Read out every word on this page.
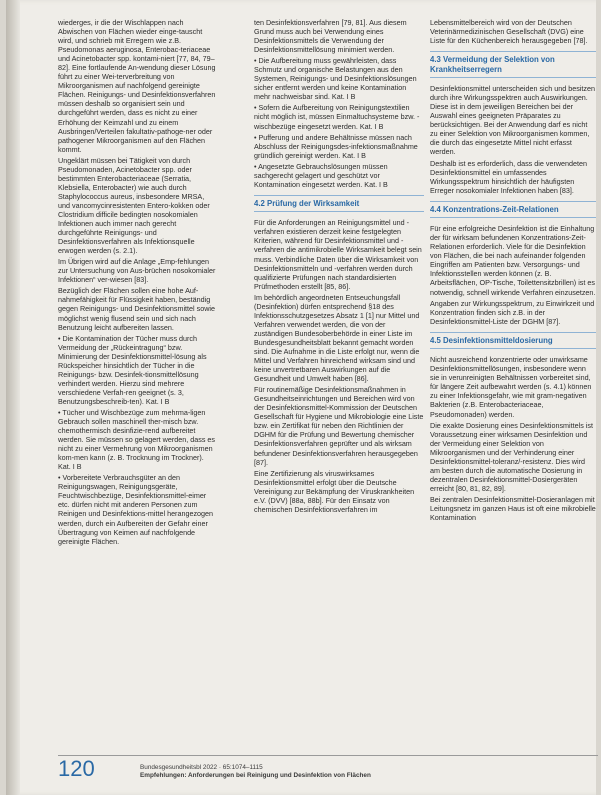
wiederges, ir die der Wischlappen nach Abwischen von Flächen wieder einge-tauscht wird, und schrieb mit Erregern wie z.B. Pseudomonas aeruginosa, Enterobac-teriaceae und Acinetobacter spp. kontami-niert [77, 84, 79–82]. Eine fortlaufende An-wendung dieser Lösung führt zu einer Wei-terverbreitung von Mikroorganismen auf nachfolgend gereinigte Flächen. Reinigungs- und Desinfektionsverfahren müssen deshalb so organisiert sein und durchgeführt werden, dass es nicht zu einer Erhöhung der Keimzahl und zu einem Ausbringen/Verteilen fakultativ-pathoge-ner oder pathogener Mikroorganismen auf den Flächen kommt.

Ungeklärt müssen bei Tätigkeit von durch Pseudomonaden, Acinetobacter spp. oder bestimmten Enterobacteriaceae (Serratia, Klebsiella, Enterobacter) wie auch durch Staphylococcus aureus, insbesondere MRSA, und vancomycinresistenten Entero-kokken oder Clostridium difficile bedingten nosokomialen Infektionen auch immer nach gerecht durchgeführte Reinigungs- und Desinfektionsverfahren als Infektionsquelle erwogen werden (s. 2.1).

Im Übrigen wird auf die Anlage „Emp-fehlungen zur Untersuchung von Aus-brüchen nosokomialer Infektionen“ ver-wiesen [83].

Bezüglich der Flächen sollen eine hohe Auf-nahmefähigkeit für Flüssigkeit haben, beständig gegen Reinigungs- und Desinfektionsmittel sowie möglichst wenig flusend sein und sich nach Benutzung leicht aufbereiten lassen.

• Die Kontamination der Tücher muss durch Vermeidung der „Rückeintragung“ bzw. Minimierung der Desinfektionsmittel-lösung als Rückspeicher hinsichtlich der Tücher in die Reinigungs- bzw. Desinfek-tionsmittellösung verhindert werden. Hierzu sind mehrere verschiedene Verfah-ren geeignet (s. 3, Benutzungsbeschreib-ten). Kat. I B

• Tücher und Wischbezüge zum mehrma-ligen Gebrauch sollen maschinell ther-misch bzw. chemothermisch desinfizie-rend aufbereitet werden. Sie müssen so gelagert werden, dass es nicht zu einer Vermehrung von Mikroorganismen kom-men kann (z. B. Trocknung im Trockner). Kat. I B

• Vorbereitete Verbrauchsgüter an den Reinigungswagen, Reinigungsgeräte, Feuchtwischbezüge, Desinfektionsmittel-eimer etc. dürfen nicht mit anderen Personen zum Reinigen und Desinfektions-mittel herangezogen werden, durch ein Aufbereiten der Gefahr einer Übertragung von Keimen auf nachfolgende gereinigte Flächen.

ten Desinfektionsverfahren [79, 81]. Aus diesem Grund muss auch bei Verwendung eines Desinfektionsmittels die Verwendung der Desinfektionsmittellösung minimiert werden.

• Die Aufbereitung muss gewährleisten, dass Schmutz und organische Belastungen aus den Systemen, Reinigungs- und Desinfektionslösungen sicher entfernt werden und keine Kontamination mehr nachweisbar sind. Kat. I B

• Sofern die Aufbereitung von Reinigungstextilien nicht möglich ist, müssen Einmaltuchsysteme bzw. -wischbezüge eingesetzt werden. Kat. I B

• Pufferung und andere Behältnisse müssen nach Abschluss der Reinigungsdes-infektionsmaßnahme gründlich gereinigt werden. Kat. I B

• Angesetzte Gebrauchslösungen müssen sachgerecht gelagert und geschützt vor Kontamination eingesetzt werden. Kat. I B

4.2 Prüfung der Wirksamkeit

Für die Anforderungen an Reinigungsmittel und -verfahren existieren derzeit keine festgelegten Kriterien, während für Desinfektionsmittel und -verfahren die antimikrobielle Wirksamkeit belegt sein muss. Verbindliche Daten über die Wirksamkeit von Desinfektionsmitteln und -verfahren werden durch qualifizierte Prüfungen nach standardisierten Prüfmethoden erstellt [85, 86].

Im behördlich angeordneten Entseuchungsfall (Desinfektion) dürfen entsprechend §18 des Infektionsschutzgesetzes Absatz 1 [1] nur Mittel und Verfahren verwendet werden, die von der zuständigen Bundesoberbehörde in einer Liste im Bundesgesundheitsblatt bekannt gemacht worden sind. Die Aufnahme in die Liste erfolgt nur, wenn die Mittel und Verfahren hinreichend wirksam sind und keine unvertretbaren Auswirkungen auf die Gesundheit und Umwelt haben [86].

Für routinemäßige Desinfektionsmaßnahmen in Gesundheitseinrichtungen und Bereichen wird von der Desinfektionsmittel-Kommission der Deutschen Gesellschaft für Hygiene und Mikrobiologie eine Liste bzw. ein Zertifikat für neben den Richtlinien der DGHM für die Prüfung und Bewertung chemischer Desinfektionsverfahren geprüfter und als wirksam befundener Desinfektionsverfahren herausgegeben [87].

Eine Zertifizierung als viruswirksames Desinfektionsmittel erfolgt über die Deutsche Vereinigung zur Bekämpfung der Viruskrankheiten e.V. (DVV) [88a, 88b]. Für den Einsatz von chemischen Desinfektionsverfahren im

Lebensmittelbereich wird von der Deutschen Veterinärmedizinischen Gesellschaft (DVG) eine Liste für den Küchenbereich herausgegeben [78].

4.3 Vermeidung der Selektion von Krankheitserregern

Desinfektionsmittel unterscheiden sich und besitzen durch ihre Wirkungsspektren auch Auswirkungen. Diese ist in dem jeweiligen Bereichen bei der Auswahl eines geeigneten Präparates zu berücksichtigen. Bei der Anwendung darf es nicht zu einer Selektion von Mikroorganismen kommen, die durch das eingesetzte Mittel nicht erfasst werden.

Deshalb ist es erforderlich, dass die verwendeten Desinfektionsmittel ein umfassendes Wirkungsspektrum hinsichtlich der häufigsten Erreger nosokomialer Infektionen haben [83].

4.4 Konzentrations-Zeit-Relationen

Für eine erfolgreiche Desinfektion ist die Einhaltung der für wirksam befundenen Konzentrations-Zeit-Relationen erforderlich. Viele für die Desinfektion von Flächen, die bei nach aufeinander folgenden Eingriffen am Patienten bzw. Versorgungs- und Infektionsstellen werden können (z. B. Arbeitsflächen, OP-Tische, Toilettensitzbrillen) ist es notwendig, schnell wirkende Verfahren einzusetzen.

Angaben zur Wirkungsspektrum, zu Einwirkzeit und Konzentration finden sich z.B. in der Desinfektionsmittel-Liste der DGHM [87].

4.5 Desinfektionsmitteldosierung

Nicht ausreichend konzentrierte oder unwirksame Desinfektionsmittellösungen, insbesondere wenn sie in verunreinigten Behältnissen vorbereitet sind, für längere Zeit aufbewahrt werden (s. 4.1) können zu einer Infektionsgefahr, wie mit gram-negativen Bakterien (z.B. Enterobacteriaceae, Pseudomonaden) werden.

Die exakte Dosierung eines Desinfektionsmittels ist Voraussetzung einer wirksamen Desinfektion und der Vermeidung einer Selektion von Mikroorganismen und der Verhinderung einer Desinfektionsmittel-toleranz/-resistenz. Dies wird am besten durch die automatische Dosierung in dezentralen Desinfektionsmittel-Dosiergeräten erreicht [80, 81, 82, 89].

Bei zentralen Desinfektionsmittel-Dosieranlagen mit Leitungsnetz im ganzen Haus ist oft eine mikrobielle Kontamination

120	Bundesgesundheitsbl 2022 · 65:1074–1115
Empfehlungen: Anforderungen bei Reinigung und Desinfektion von Flächen
